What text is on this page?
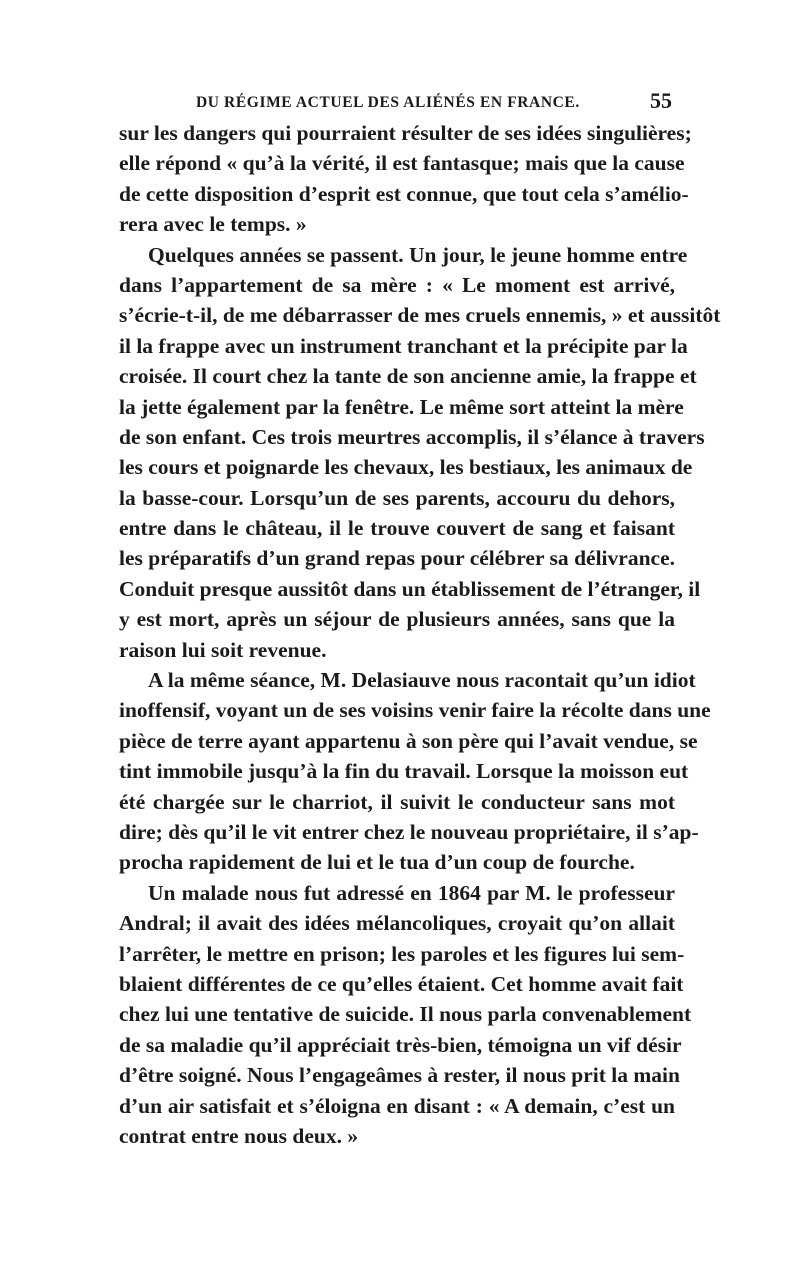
DU RÉGIME ACTUEL DES ALIÉNÉS EN FRANCE.	55
sur les dangers qui pourraient résulter de ses idées singulières;
elle répond « qu’à la vérité, il est fantasque; mais que la cause
de cette disposition d’esprit est connue, que tout cela s’amélio-
rera avec le temps. »
Quelques années se passent. Un jour, le jeune homme entre
dans l’appartement de sa mère : « Le moment est arrivé,
s’écrie-t-il, de me débarrasser de mes cruels ennemis, » et aussitôt
il la frappe avec un instrument tranchant et la précipite par la
croisée. Il court chez la tante de son ancienne amie, la frappe et
la jette également par la fenêtre. Le même sort atteint la mère
de son enfant. Ces trois meurtres accomplis, il s’élance à travers
les cours et poignarde les chevaux, les bestiaux, les animaux de
la basse-cour. Lorsqu’un de ses parents, accouru du dehors,
entre dans le château, il le trouve couvert de sang et faisant
les préparatifs d’un grand repas pour célébrer sa délivrance.
Conduit presque aussitôt dans un établissement de l’étranger, il
y est mort, après un séjour de plusieurs années, sans que la
raison lui soit revenue.
A la même séance, M. Delasiauve nous racontait qu’un idiot
inoffensif, voyant un de ses voisins venir faire la récolte dans une
pièce de terre ayant appartenu à son père qui l’avait vendue, se
tint immobile jusqu’à la fin du travail. Lorsque la moisson eut
été chargée sur le charriot, il suivit le conducteur sans mot
dire; dès qu’il le vit entrer chez le nouveau propriétaire, il s’ap-
procha rapidement de lui et le tua d’un coup de fourche.
Un malade nous fut adressé en 1864 par M. le professeur
Andral; il avait des idées mélancoliques, croyait qu’on allait
l’arrêter, le mettre en prison; les paroles et les figures lui sem-
blaient différentes de ce qu’elles étaient. Cet homme avait fait
chez lui une tentative de suicide. Il nous parla convenablement
de sa maladie qu’il appréciait très-bien, témoigna un vif désir
d’être soigné. Nous l’engageâmes à rester, il nous prit la main
d’un air satisfait et s’éloigna en disant : « A demain, c’est un
contrat entre nous deux. »
